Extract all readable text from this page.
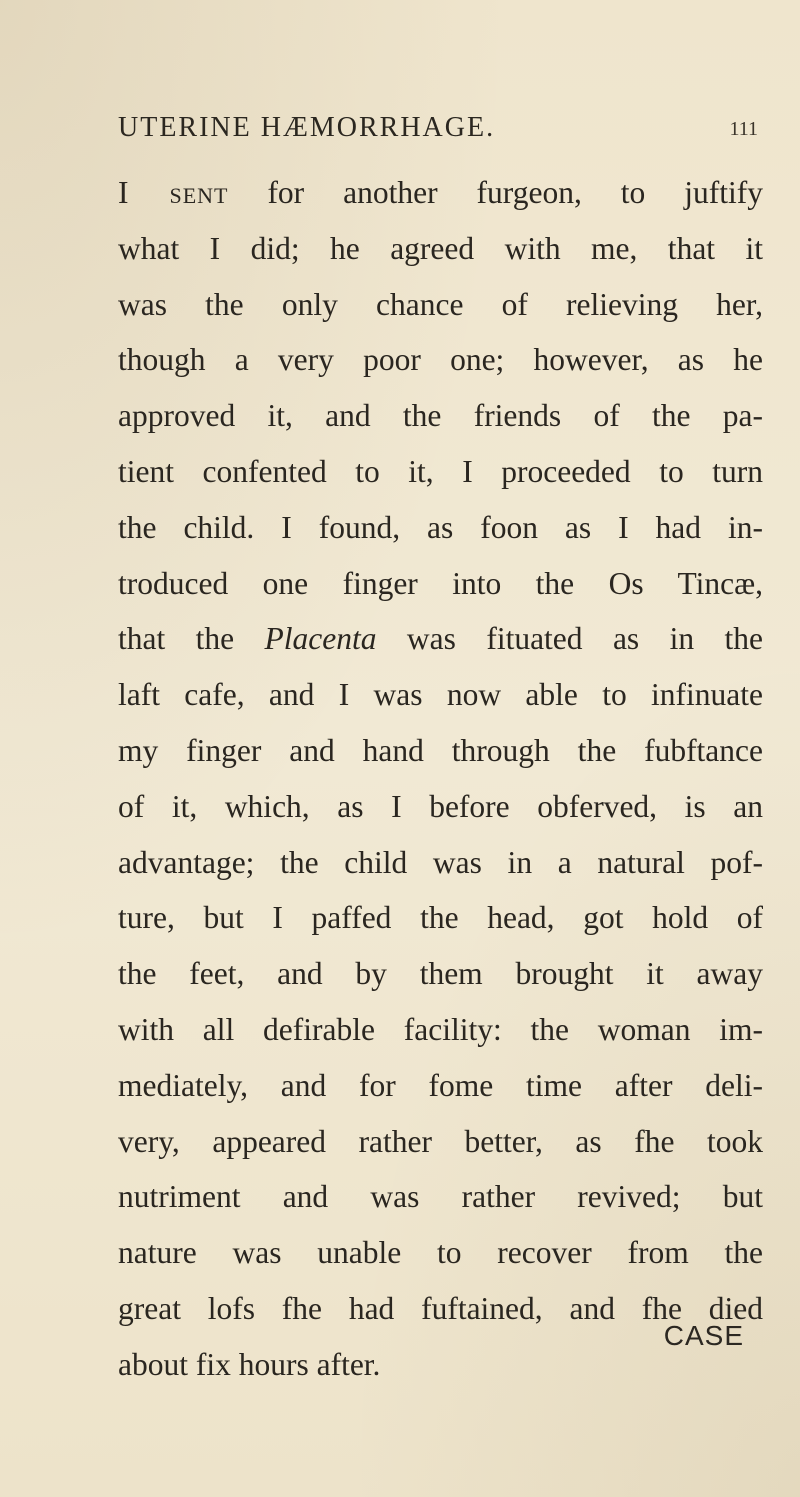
UTERINE HÆMORRHAGE.	111
I sent for another furgeon, to juftify
what I did; he agreed with me, that it
was the only chance of relieving her,
though a very poor one; however, as he
approved it, and the friends of the pa-
tient confented to it, I proceeded to turn
the child. I found, as foon as I had in-
troduced one finger into the Os Tincæ,
that the Placenta was fituated as in the
laft cafe, and I was now able to infinuate
my finger and hand through the fubftance
of it, which, as I before obferved, is an
advantage; the child was in a natural pof-
ture, but I paffed the head, got hold of
the feet, and by them brought it away
with all defirable facility: the woman im-
mediately, and for fome time after deli-
very, appeared rather better, as fhe took
nutriment and was rather revived; but
nature was unable to recover from the
great lofs fhe had fuftained, and fhe died
about fix hours after.
CASE
